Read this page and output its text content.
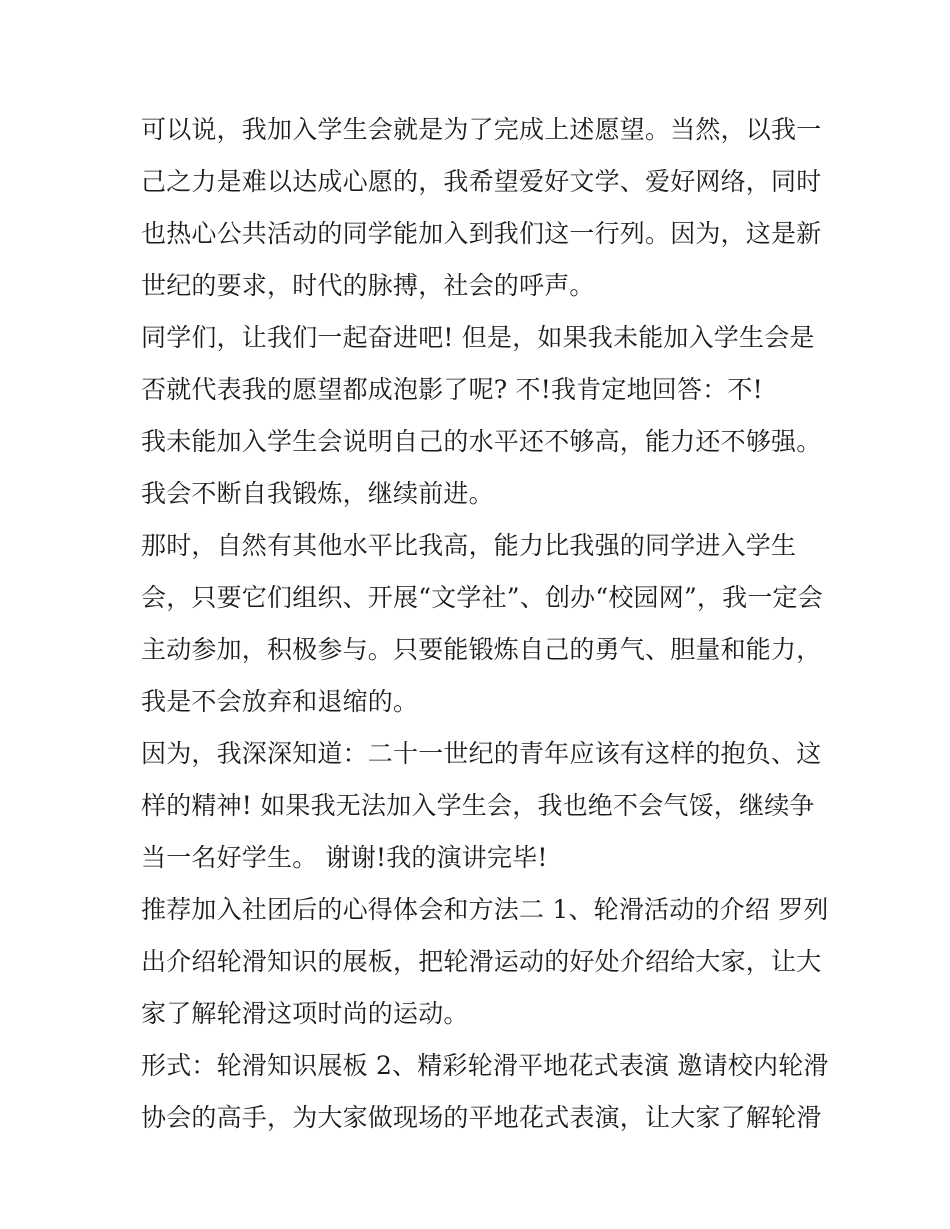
可以说，我加入学生会就是为了完成上述愿望。当然，以我一
己之力是难以达成心愿的，我希望爱好文学、爱好网络，同时
也热心公共活动的同学能加入到我们这一行列。因为，这是新
世纪的要求，时代的脉搏，社会的呼声。
同学们，让我们一起奋进吧! 但是，如果我未能加入学生会是
否就代表我的愿望都成泡影了呢? 不!我肯定地回答：不!
我未能加入学生会说明自己的水平还不够高，能力还不够强。
我会不断自我锻炼，继续前进。
那时，自然有其他水平比我高，能力比我强的同学进入学生
会，只要它们组织、开展“文学社”、创办“校园网”，我一定会
主动参加，积极参与。只要能锻炼自己的勇气、胆量和能力，
我是不会放弃和退缩的。
因为，我深深知道：二十一世纪的青年应该有这样的抱负、这
样的精神! 如果我无法加入学生会，我也绝不会气馁，继续争
当一名好学生。 谢谢!我的演讲完毕!
推荐加入社团后的心得体会和方法二 1、轮滑活动的介绍 罗列
出介绍轮滑知识的展板，把轮滑运动的好处介绍给大家，让大
家了解轮滑这项时尚的运动。
形式：轮滑知识展板 2、精彩轮滑平地花式表演 邀请校内轮滑
协会的高手，为大家做现场的平地花式表演，让大家了解轮滑
